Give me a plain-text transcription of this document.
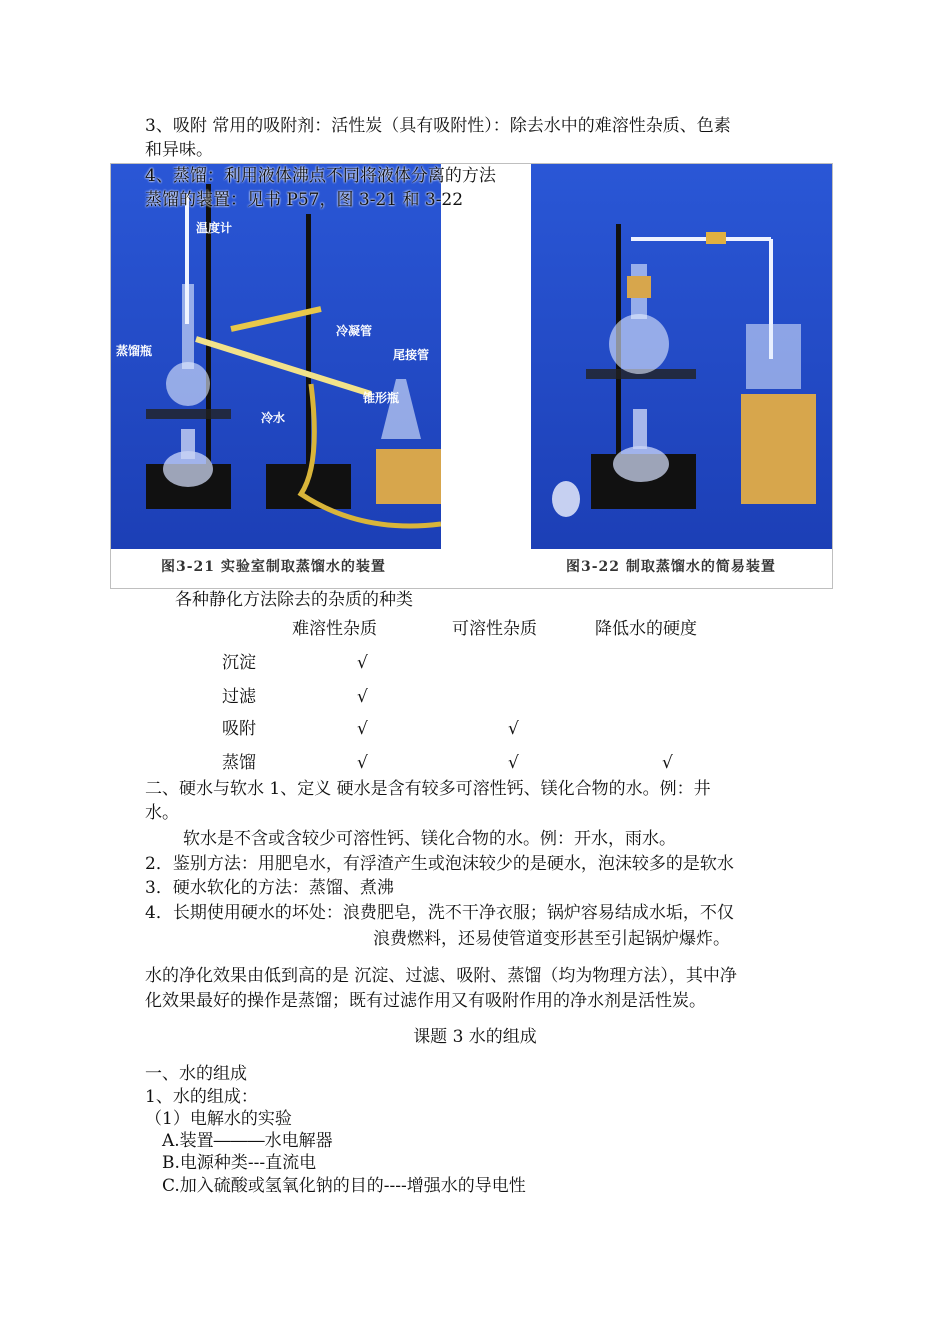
3、吸附 常用的吸附剂：活性炭（具有吸附性）：除去水中的难溶性杂质、色素
和异味。
温度计
蒸馏瓶
冷凝管
尾接管
锥形瓶
冷水
图3-21 实验室制取蒸馏水的装置	图3-22 制取蒸馏水的简易装置
4、蒸馏：利用液体沸点不同将液体分离的方法
蒸馏的装置：见书 P57，图 3-21 和 3-22
各种静化方法除去的杂质的种类
难溶性杂质	可溶性杂质	降低水的硬度
沉淀	√
过滤	√
吸附	√	√
蒸馏	√	√	√
二、硬水与软水 1、定义 硬水是含有较多可溶性钙、镁化合物的水。例：井
水。
软水是不含或含较少可溶性钙、镁化合物的水。例：开水，雨水。
2．鉴别方法：用肥皂水，有浮渣产生或泡沫较少的是硬水，泡沫较多的是软水
3．硬水软化的方法：蒸馏、煮沸
4．长期使用硬水的坏处：浪费肥皂，洗不干净衣服；锅炉容易结成水垢，不仅
浪费燃料，还易使管道变形甚至引起锅炉爆炸。
水的净化效果由低到高的是 沉淀、过滤、吸附、蒸馏（均为物理方法），其中净
化效果最好的操作是蒸馏；既有过滤作用又有吸附作用的净水剂是活性炭。
课题 3 水的组成
一、水的组成
1、水的组成：
（1）电解水的实验
A.装置―――水电解器
B.电源种类---直流电
C.加入硫酸或氢氧化钠的目的----增强水的导电性
